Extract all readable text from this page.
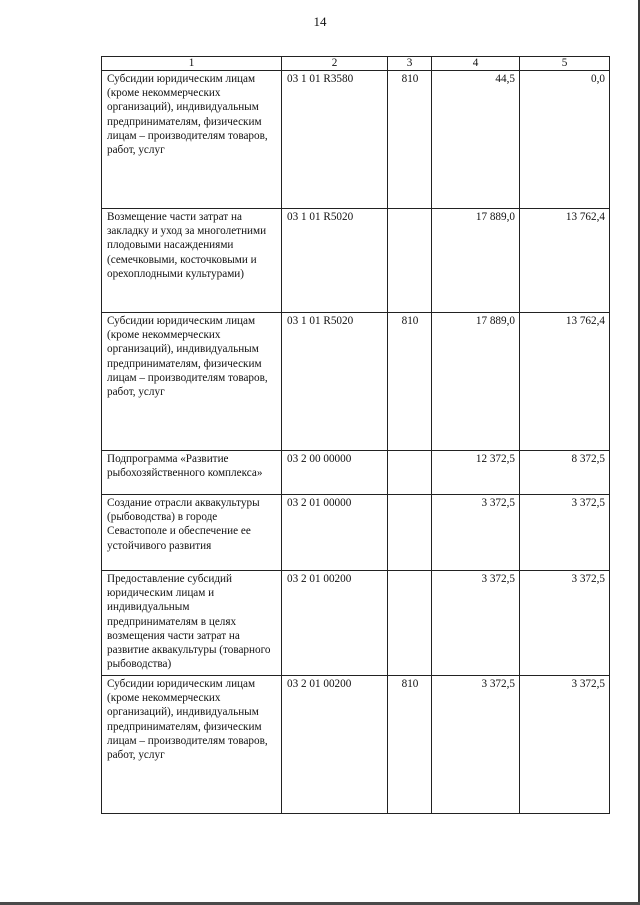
14
1	2	3	4	5
Субсидии юридическим лицам (кроме некоммерческих организаций), индивидуальным предпринимателям, физическим лицам – производителям товаров, работ, услуг	03 1 01 R3580	810	44,5	0,0
Возмещение части затрат на закладку и уход за многолетними плодовыми насаждениями (семечковыми, косточковыми и орехоплодными культурами)	03 1 01 R5020		17 889,0	13 762,4
Субсидии юридическим лицам (кроме некоммерческих организаций), индивидуальным предпринимателям, физическим лицам – производителям товаров, работ, услуг	03 1 01 R5020	810	17 889,0	13 762,4
Подпрограмма «Развитие рыбохозяйственного комплекса»	03 2 00 00000		12 372,5	8 372,5
Создание отрасли аквакультуры (рыбоводства) в городе Севастополе и обеспечение ее устойчивого развития	03 2 01 00000		3 372,5	3 372,5
Предоставление субсидий юридическим лицам и индивидуальным предпринимателям в целях возмещения части затрат на развитие аквакультуры (товарного рыбоводства)	03 2 01 00200		3 372,5	3 372,5
Субсидии юридическим лицам (кроме некоммерческих организаций), индивидуальным предпринимателям, физическим лицам – производителям товаров, работ, услуг	03 2 01 00200	810	3 372,5	3 372,5
